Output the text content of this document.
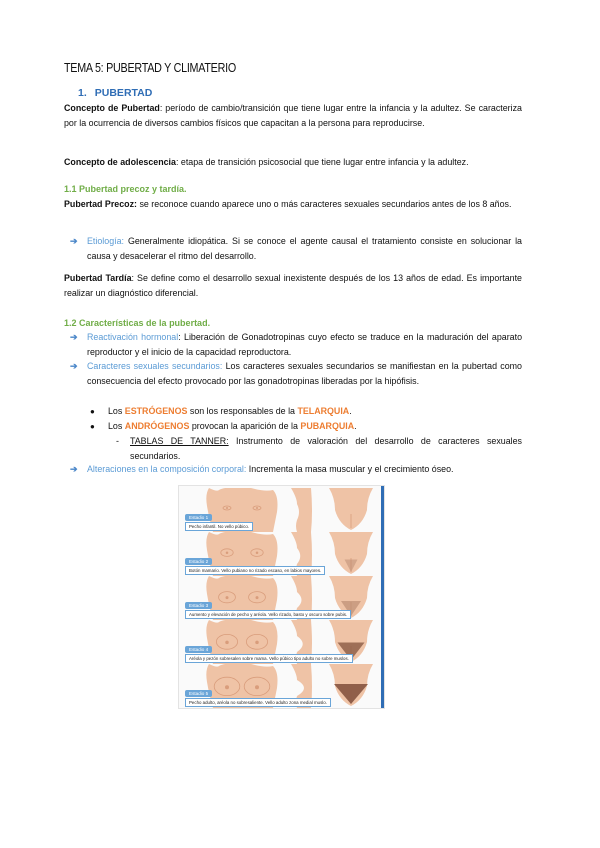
TEMA 5: PUBERTAD Y CLIMATERIO
1. PUBERTAD
Concepto de Pubertad: período de cambio/transición que tiene lugar entre la infancia y la adultez. Se caracteriza por la ocurrencia de diversos cambios físicos que capacitan a la persona para reproducirse.
Concepto de adolescencia: etapa de transición psicosocial que tiene lugar entre infancia y la adultez.
1.1 Pubertad precoz y tardía.
Pubertad Precoz: se reconoce cuando aparece uno o más caracteres sexuales secundarios antes de los 8 años.
➔ Etiología: Generalmente idiopática. Si se conoce el agente causal el tratamiento consiste en solucionar la causa y desacelerar el ritmo del desarrollo.
Pubertad Tardía: Se define como el desarrollo sexual inexistente después de los 13 años de edad. Es importante realizar un diagnóstico diferencial.
1.2 Características de la pubertad.
➔ Reactivación hormonal: Liberación de Gonadotropinas cuyo efecto se traduce en la maduración del aparato reproductor y el inicio de la capacidad reproductora.
➔ Caracteres sexuales secundarios: Los caracteres sexuales secundarios se manifiestan en la pubertad como consecuencia del efecto provocado por las gonadotropinas liberadas por la hipófisis.
● Los ESTRÓGENOS son los responsables de la TELARQUIA.
● Los ANDRÓGENOS provocan la aparición de la PUBARQUIA.
- TABLAS DE TANNER: Instrumento de valoración del desarrollo de caracteres sexuales secundarios.
➔ Alteraciones en la composición corporal: Incrementa la masa muscular y el crecimiento óseo.
Estadio 1
Pecho infantil. No vello púbico.
Estadio 2
Botón mamario. Vello pubiano no rizado escaso, en labios mayores.
Estadio 3
Aumento y elevación de pecho y aréola. Vello rizado, basto y oscuro sobre pubis.
Estadio 4
Aréola y pezón sobresalen sobre mama. Vello púbico tipo adulto no sobre muslos.
Estadio 5
Pecho adulto, aréola no sobresaliente. Vello adulto zona medial muslo.
